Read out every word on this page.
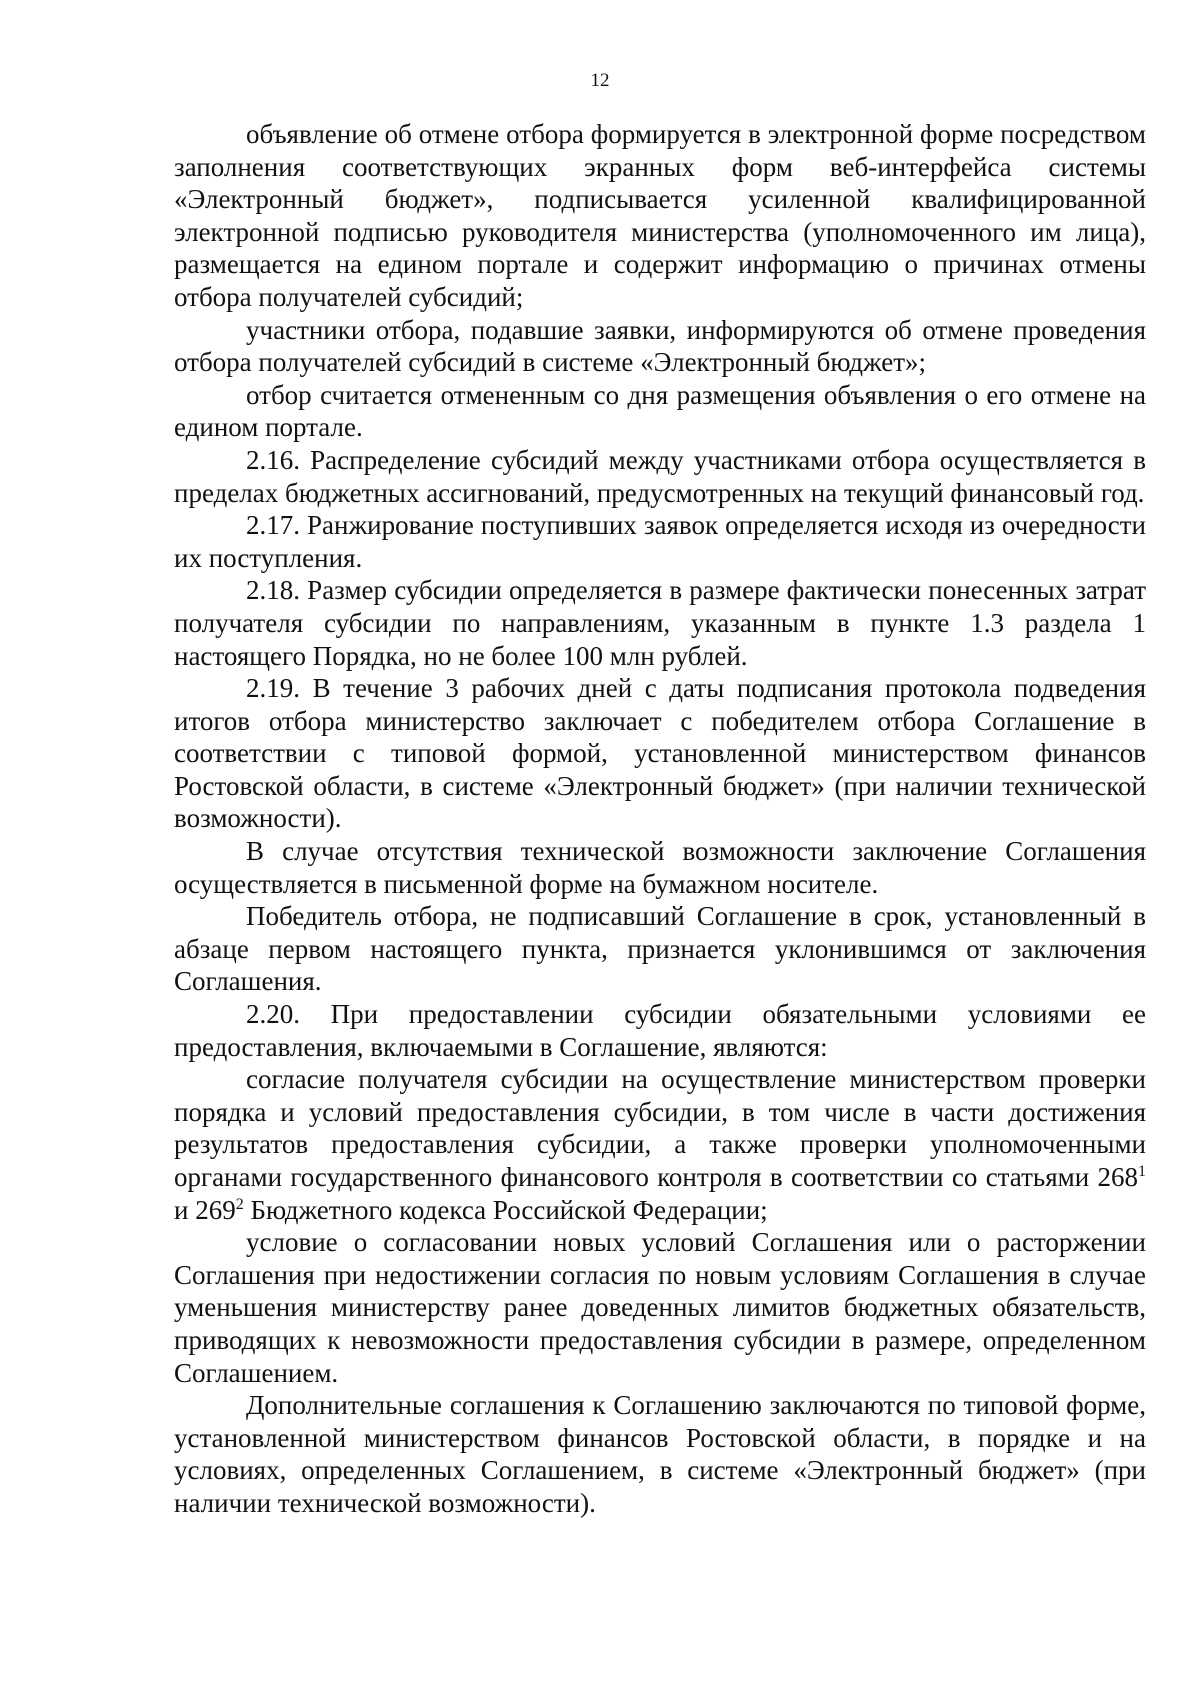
12

объявление об отмене отбора формируется в электронной форме посредством заполнения соответствующих экранных форм веб-интерфейса системы «Электронный бюджет», подписывается усиленной квалифицированной электронной подписью руководителя министерства (уполномоченного им лица), размещается на едином портале и содержит информацию о причинах отмены отбора получателей субсидий;

участники отбора, подавшие заявки, информируются об отмене проведения отбора получателей субсидий в системе «Электронный бюджет»;

отбор считается отмененным со дня размещения объявления о его отмене на едином портале.

2.16. Распределение субсидий между участниками отбора осуществляется в пределах бюджетных ассигнований, предусмотренных на текущий финансовый год.

2.17. Ранжирование поступивших заявок определяется исходя из очередности их поступления.

2.18. Размер субсидии определяется в размере фактически понесенных затрат получателя субсидии по направлениям, указанным в пункте 1.3 раздела 1 настоящего Порядка, но не более 100 млн рублей.

2.19. В течение 3 рабочих дней с даты подписания протокола подведения итогов отбора министерство заключает с победителем отбора Соглашение в соответствии с типовой формой, установленной министерством финансов Ростовской области, в системе «Электронный бюджет» (при наличии технической возможности).

В случае отсутствия технической возможности заключение Соглашения осуществляется в письменной форме на бумажном носителе.

Победитель отбора, не подписавший Соглашение в срок, установленный в абзаце первом настоящего пункта, признается уклонившимся от заключения Соглашения.

2.20. При предоставлении субсидии обязательными условиями ее предоставления, включаемыми в Соглашение, являются:

согласие получателя субсидии на осуществление министерством проверки порядка и условий предоставления субсидии, в том числе в части достижения результатов предоставления субсидии, а также проверки уполномоченными органами государственного финансового контроля в соответствии со статьями $268^1$ и $269^2$ Бюджетного кодекса Российской Федерации;

условие о согласовании новых условий Соглашения или о расторжении Соглашения при недостижении согласия по новым условиям Соглашения в случае уменьшения министерству ранее доведенных лимитов бюджетных обязательств, приводящих к невозможности предоставления субсидии в размере, определенном Соглашением.

Дополнительные соглашения к Соглашению заключаются по типовой форме, установленной министерством финансов Ростовской области, в порядке и на условиях, определенных Соглашением, в системе «Электронный бюджет» (при наличии технической возможности).
